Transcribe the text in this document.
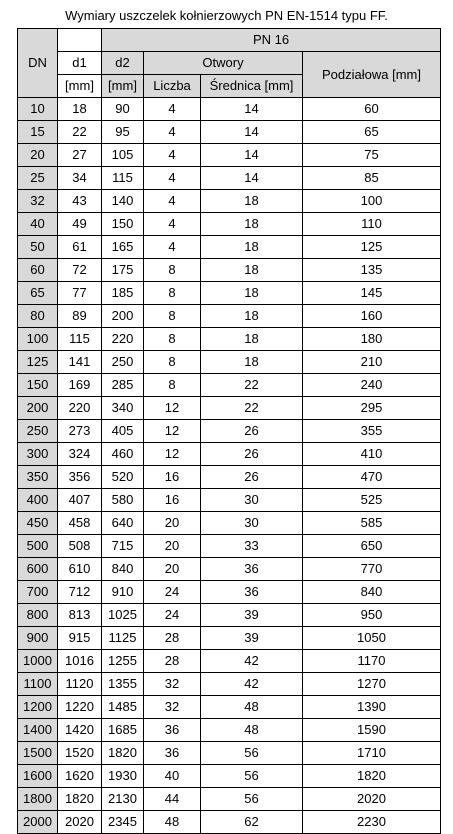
Wymiary uszczelek kołnierzowych PN EN-1514 typu FF.
DN		PN 16			
	d1	d2	Otwory		Podziałowa [mm]
	[mm]	[mm]	Liczba	Średnica [mm]	
10	18	90	4	14	60
15	22	95	4	14	65
20	27	105	4	14	75
25	34	115	4	14	85
32	43	140	4	18	100
40	49	150	4	18	110
50	61	165	4	18	125
60	72	175	8	18	135
65	77	185	8	18	145
80	89	200	8	18	160
100	115	220	8	18	180
125	141	250	8	18	210
150	169	285	8	22	240
200	220	340	12	22	295
250	273	405	12	26	355
300	324	460	12	26	410
350	356	520	16	26	470
400	407	580	16	30	525
450	458	640	20	30	585
500	508	715	20	33	650
600	610	840	20	36	770
700	712	910	24	36	840
800	813	1025	24	39	950
900	915	1125	28	39	1050
1000	1016	1255	28	42	1170
1100	1120	1355	32	42	1270
1200	1220	1485	32	48	1390
1400	1420	1685	36	48	1590
1500	1520	1820	36	56	1710
1600	1620	1930	40	56	1820
1800	1820	2130	44	56	2020
2000	2020	2345	48	62	2230
